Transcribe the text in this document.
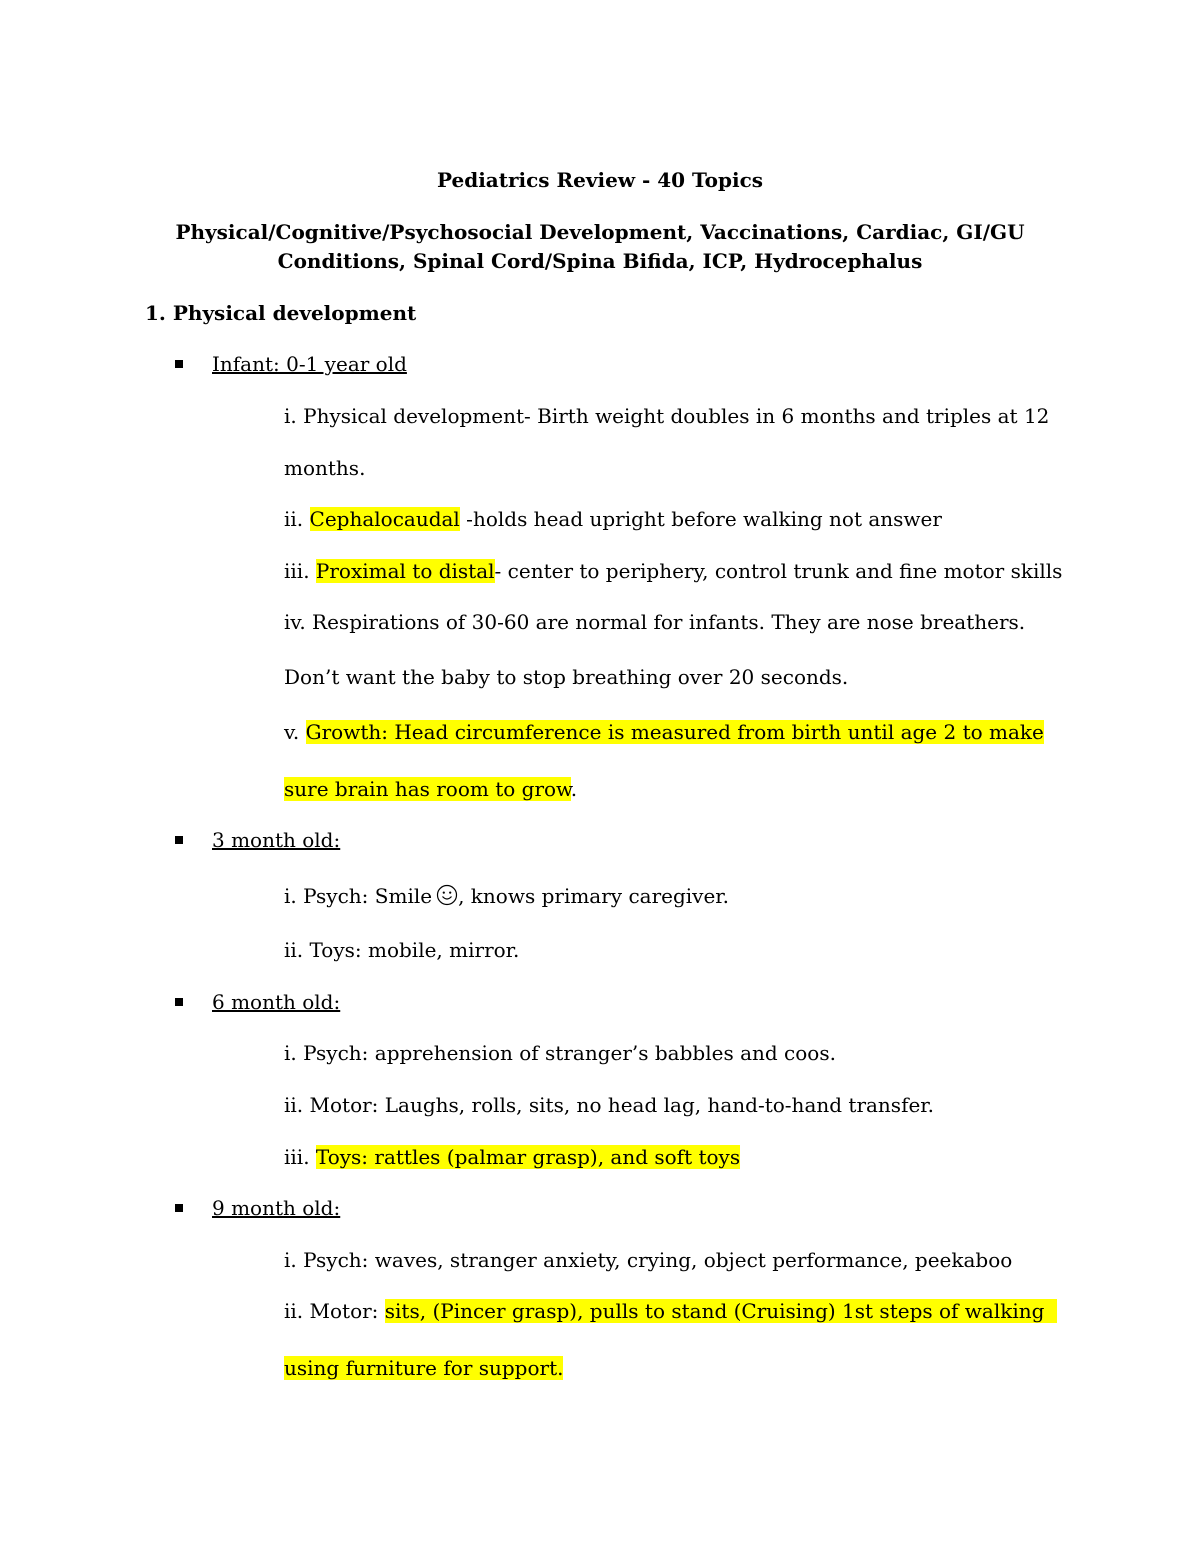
Pediatrics Review - 40 Topics
Physical/Cognitive/Psychosocial Development, Vaccinations, Cardiac, GI/GU
Conditions, Spinal Cord/Spina Bifida, ICP, Hydrocephalus
1. Physical development
Infant: 0-1 year old
i. Physical development- Birth weight doubles in 6 months and triples at 12
months.
ii. Cephalocaudal -holds head upright before walking not answer
iii. Proximal to distal- center to periphery, control trunk and fine motor skills
iv. Respirations of 30-60 are normal for infants. They are nose breathers.
Don’t want the baby to stop breathing over 20 seconds.
v. Growth: Head circumference is measured from birth until age 2 to make
sure brain has room to grow.
3 month old:
i. Psych: Smile , knows primary caregiver.
ii. Toys: mobile, mirror.
6 month old:
i. Psych: apprehension of stranger’s babbles and coos.
ii. Motor: Laughs, rolls, sits, no head lag, hand-to-hand transfer.
iii. Toys: rattles (palmar grasp), and soft toys
9 month old:
i. Psych: waves, stranger anxiety, crying, object performance, peekaboo
ii. Motor: sits, (Pincer grasp), pulls to stand (Cruising) 1st steps of walking
using furniture for support.
